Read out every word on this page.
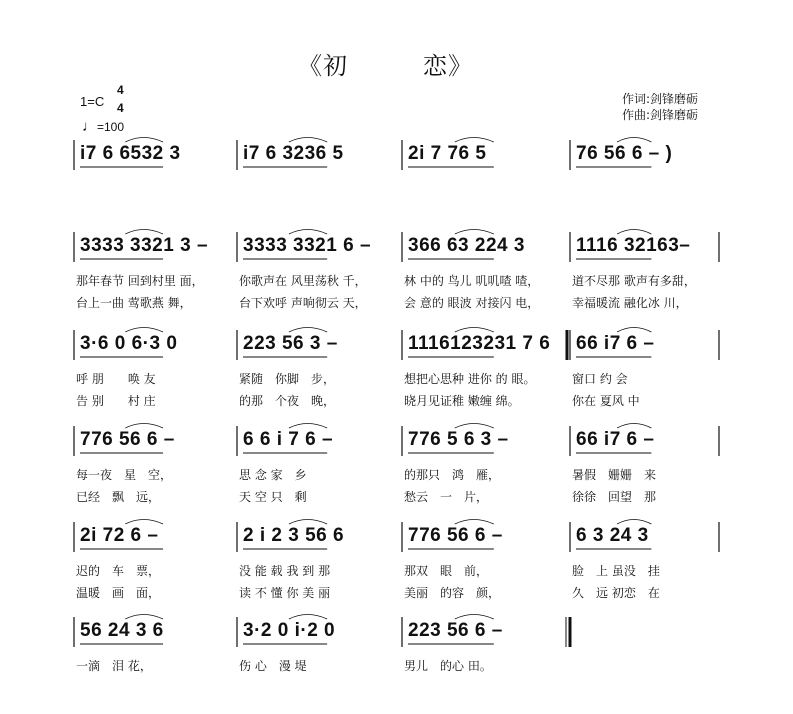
《初　　　恋》
1=C
4
4
♩=100
作词:剑锋磨砺
作曲:剑锋磨砺
i7 6 6532 3	i7 6 3236 5	2i 7 76 5	76 56 6 – )
3333 3321 3 –	3333 3321 6 –	366 63 224 3	1116 32163–
那年春节 回到村里 面，	你歌声在 风里荡秋 千，	林 中的 鸟儿 叽叽喳 喳，	道不尽那 歌声有多甜，
台上一曲 莺歌燕 舞，	台下欢呼 声响彻云 天，	会 意的 眼波 对接闪 电，	幸福暖流 融化冰 川，
3·6 0 6·3 0	223 56 3 –	1116123231 7 6	66 i7 6 –
呼 朋　　唤 友	紧随　你脚　步，	想把心思种 进你 的 眼。	窗口 约 会
告 别　　村 庄	的那　个夜　晚，	晓月见证稚 嫩缠 绵。	你在 夏风 中
776 56 6 –	6 6 i 7 6 –	776 5 6 3 –	66 i7 6 –
每一夜　星　空，	思 念 家　乡	的那只　鸿　雁，	暑假　姗姗　来
已经　飘　远，	天 空 只　剩	愁云　一　片，	徐徐　回望　那
2i 72 6 –	2 i 2 3 56 6	776 56 6 –	6 3 24 3
迟的　车　票，	没 能 载 我 到 那	那双　眼　前，	脸　上 虽没　挂
温暖　画　面，	读 不 懂 你 美 丽	美丽　的容　颜，	久　远 初恋　在
56 24 3 6	3·2 0 i·2 0	223 56 6 –
一滴　泪 花，	伤 心　漫 堤	男儿　的心 田。
